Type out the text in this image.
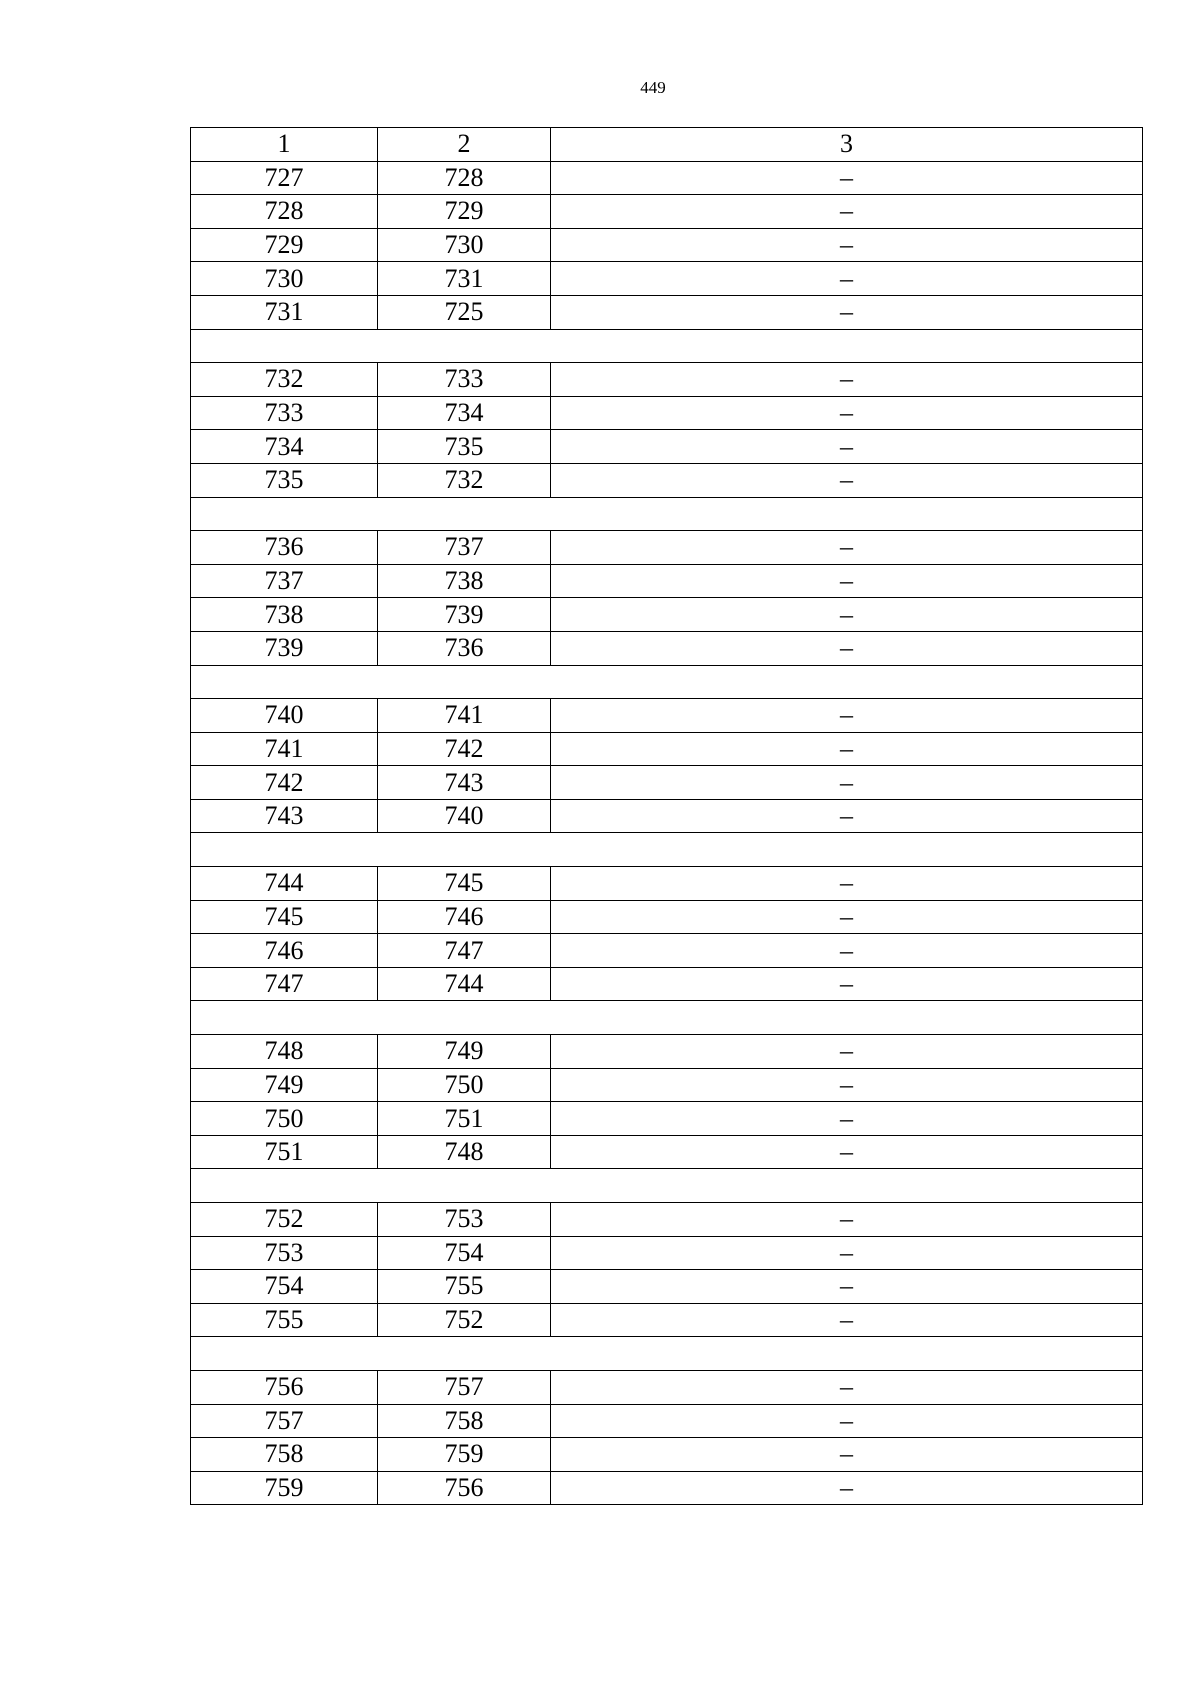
449
1	2	3
727	728	–
728	729	–
729	730	–
730	731	–
731	725	–

732	733	–
733	734	–
734	735	–
735	732	–

736	737	–
737	738	–
738	739	–
739	736	–

740	741	–
741	742	–
742	743	–
743	740	–

744	745	–
745	746	–
746	747	–
747	744	–

748	749	–
749	750	–
750	751	–
751	748	–

752	753	–
753	754	–
754	755	–
755	752	–

756	757	–
757	758	–
758	759	–
759	756	–
